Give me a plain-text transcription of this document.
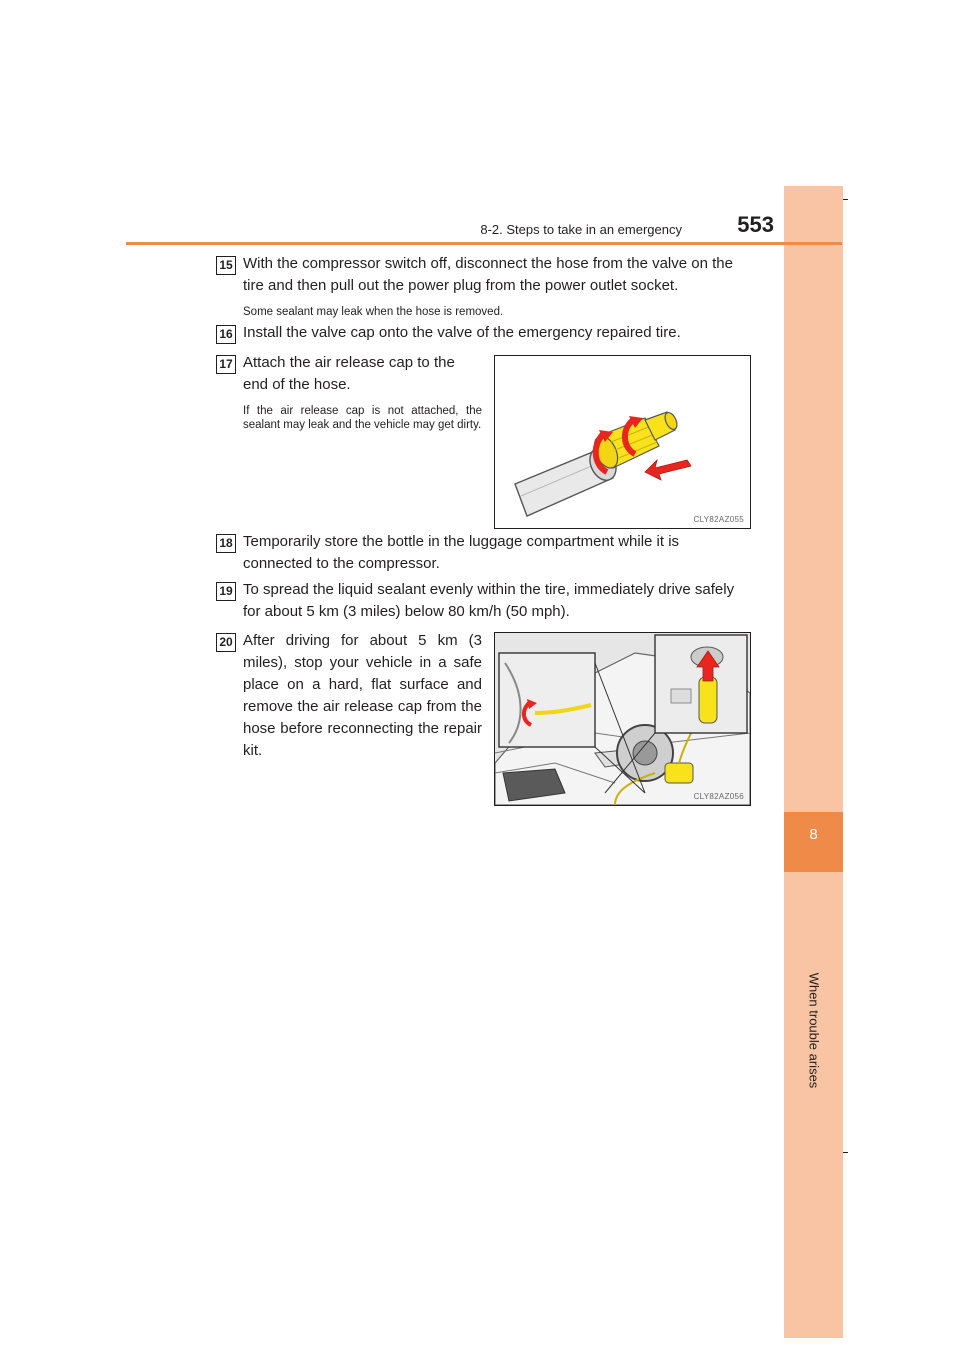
8
When trouble arises
8-2. Steps to take in an emergency	553
15 With the compressor switch off, disconnect the hose from the valve on the tire and then pull out the power plug from the power outlet socket.
Some sealant may leak when the hose is removed.
16 Install the valve cap onto the valve of the emergency repaired tire.
17 Attach the air release cap to the end of the hose.
If the air release cap is not attached, the sealant may leak and the vehicle may get dirty.
CLY82AZ055
18 Temporarily store the bottle in the luggage compartment while it is connected to the compressor.
19 To spread the liquid sealant evenly within the tire, immediately drive safely for about 5 km (3 miles) below 80 km/h (50 mph).
20 After driving for about 5 km (3 miles), stop your vehicle in a safe place on a hard, flat surface and remove the air release cap from the hose before reconnecting the repair kit.
CLY82AZ056
